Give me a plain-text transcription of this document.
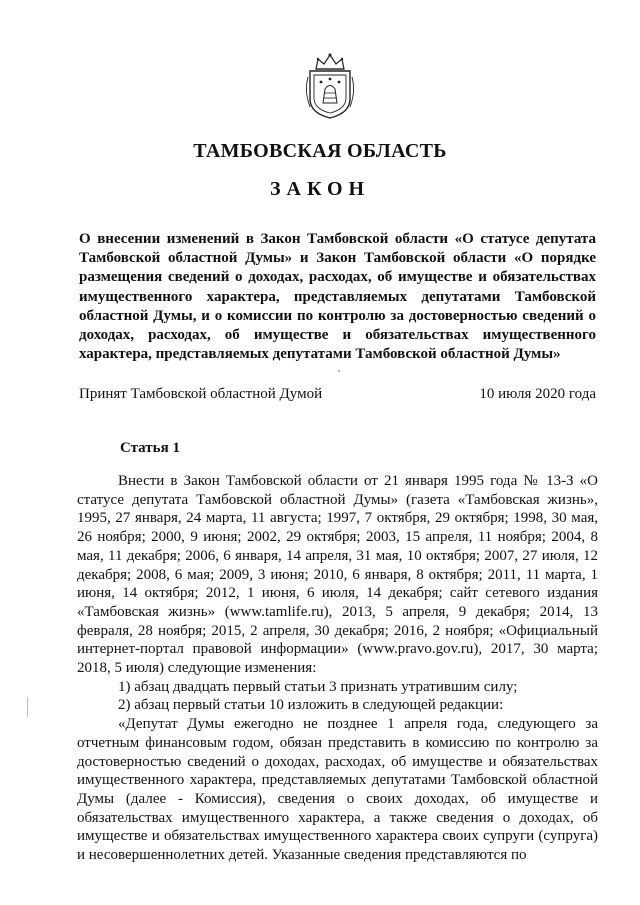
ТАМБОВСКАЯ ОБЛАСТЬ
ЗАКОН
О внесении изменений в Закон Тамбовской области «О статусе депутата Тамбовской областной Думы» и Закон Тамбовской области «О порядке размещения сведений о доходах, расходах, об имуществе и обязательствах имущественного характера, представляемых депутатами Тамбовской областной Думы, и о комиссии по контролю за достоверностью сведений о доходах, расходах, об имуществе и обязательствах имущественного характера, представляемых депутатами Тамбовской областной Думы»
Принят Тамбовской областной Думой	10 июля 2020 года
Статья 1

Внести в Закон Тамбовской области от 21 января 1995 года № 13-З «О статусе депутата Тамбовской областной Думы» (газета «Тамбовская жизнь», 1995, 27 января, 24 марта, 11 августа; 1997, 7 октября, 29 октября; 1998, 30 мая, 26 ноября; 2000, 9 июня; 2002, 29 октября; 2003, 15 апреля, 11 ноября; 2004, 8 мая, 11 декабря; 2006, 6 января, 14 апреля, 31 мая, 10 октября; 2007, 27 июля, 12 декабря; 2008, 6 мая; 2009, 3 июня; 2010, 6 января, 8 октября; 2011, 11 марта, 1 июня, 14 октября; 2012, 1 июня, 6 июля, 14 декабря; сайт сетевого издания «Тамбовская жизнь» (www.tamlife.ru), 2013, 5 апреля, 9 декабря; 2014, 13 февраля, 28 ноября; 2015, 2 апреля, 30 декабря; 2016, 2 ноября; «Официальный интернет-портал правовой информации» (www.pravo.gov.ru), 2017, 30 марта; 2018, 5 июля) следующие изменения:

1) абзац двадцать первый статьи 3 признать утратившим силу;

2) абзац первый статьи 10 изложить в следующей редакции:

«Депутат Думы ежегодно не позднее 1 апреля года, следующего за отчетным финансовым годом, обязан представить в комиссию по контролю за достоверностью сведений о доходах, расходах, об имуществе и обязательствах имущественного характера, представляемых депутатами Тамбовской областной Думы (далее - Комиссия), сведения о своих доходах, об имуществе и обязательствах имущественного характера, а также сведения о доходах, об имуществе и обязательствах имущественного характера своих супруги (супруга) и несовершеннолетних детей. Указанные сведения представляются по
